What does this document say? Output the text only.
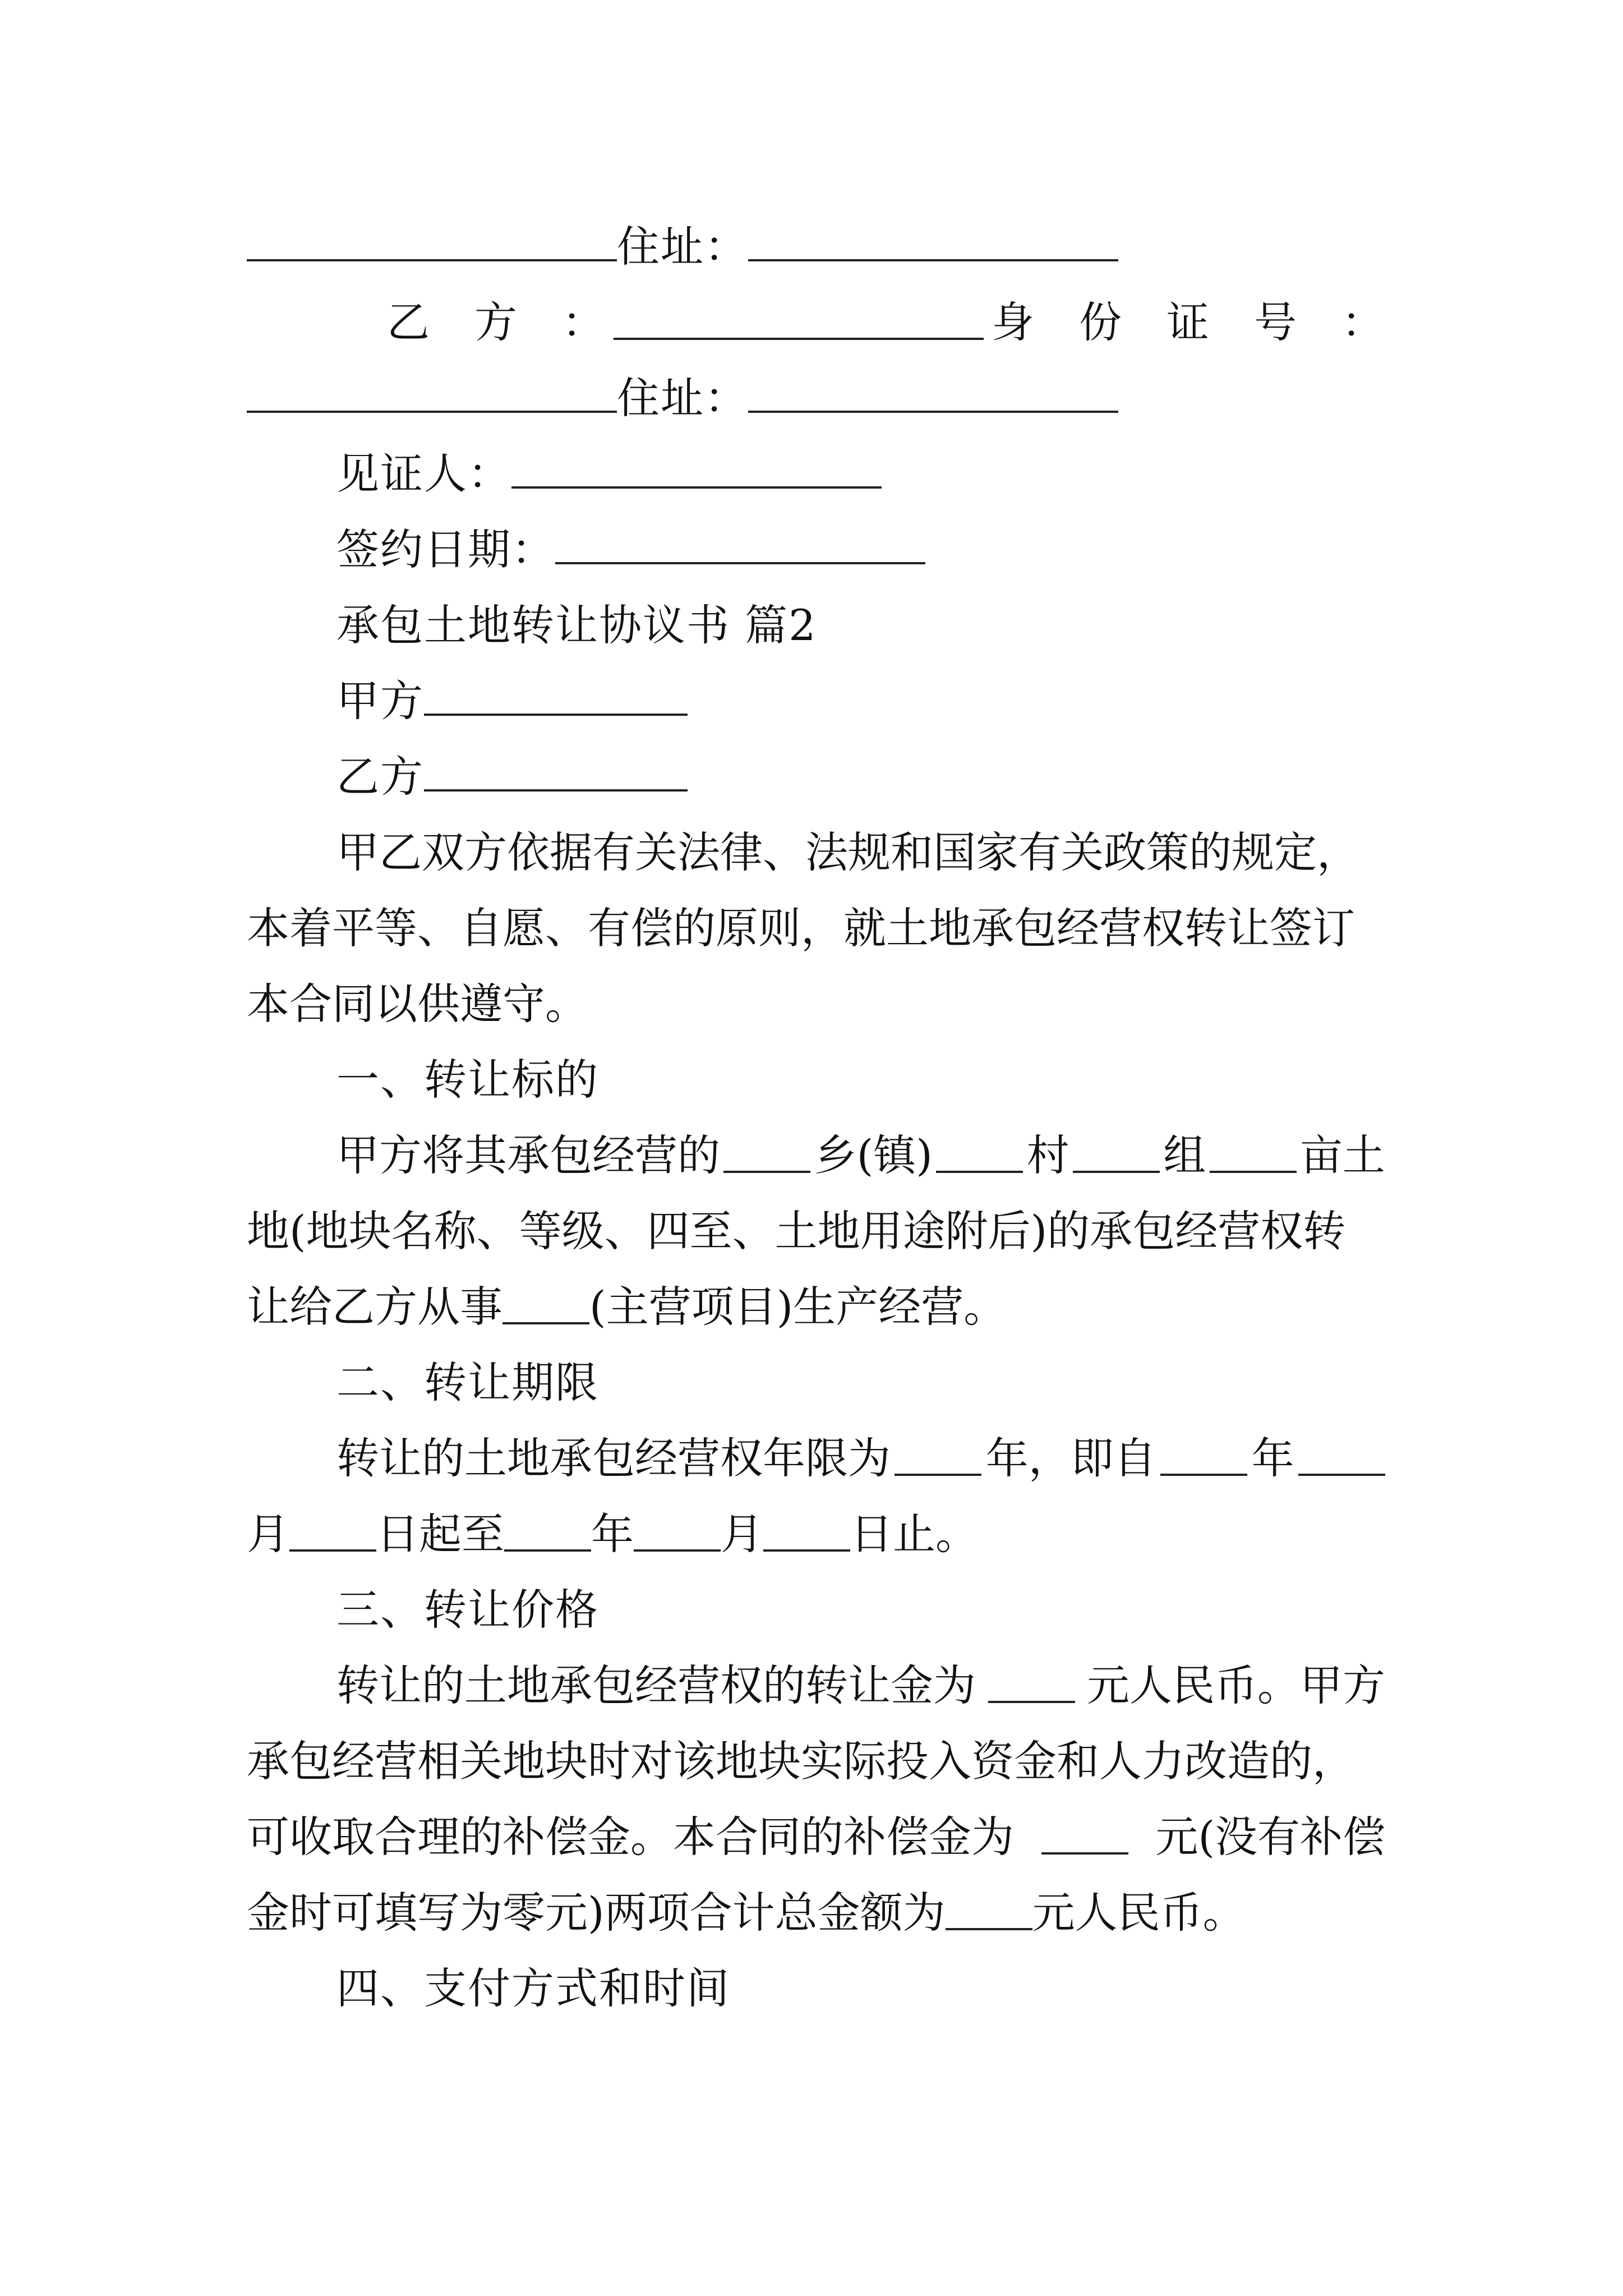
住址：
乙　方　：	身　份　证　号　：
住址：
见证人：
签约日期：
承包土地转让协议书 篇2
甲方
乙方
甲乙双方依据有关法律、法规和国家有关政策的规定，
本着平等、自愿、有偿的原则，就土地承包经营权转让签订
本合同以供遵守。
一、转让标的
甲方将其承包经营的 乡(镇) 村 组 亩土
地(地块名称、等级、四至、土地用途附后)的承包经营权转
让给乙方从事 (主营项目)生产经营。
二、转让期限
转让的土地承包经营权年限为 年，即自 年
月 日起至 年 月 日止。
三、转让价格
转让的土地承包经营权的转让金为	元人民币。甲方
承包经营相关地块时对该地块实际投入资金和人力改造的，
可收取合理的补偿金。本合同的补偿金为	元(没有补偿
金时可填写为零元)两项合计总金额为 元人民币。
四、支付方式和时间
